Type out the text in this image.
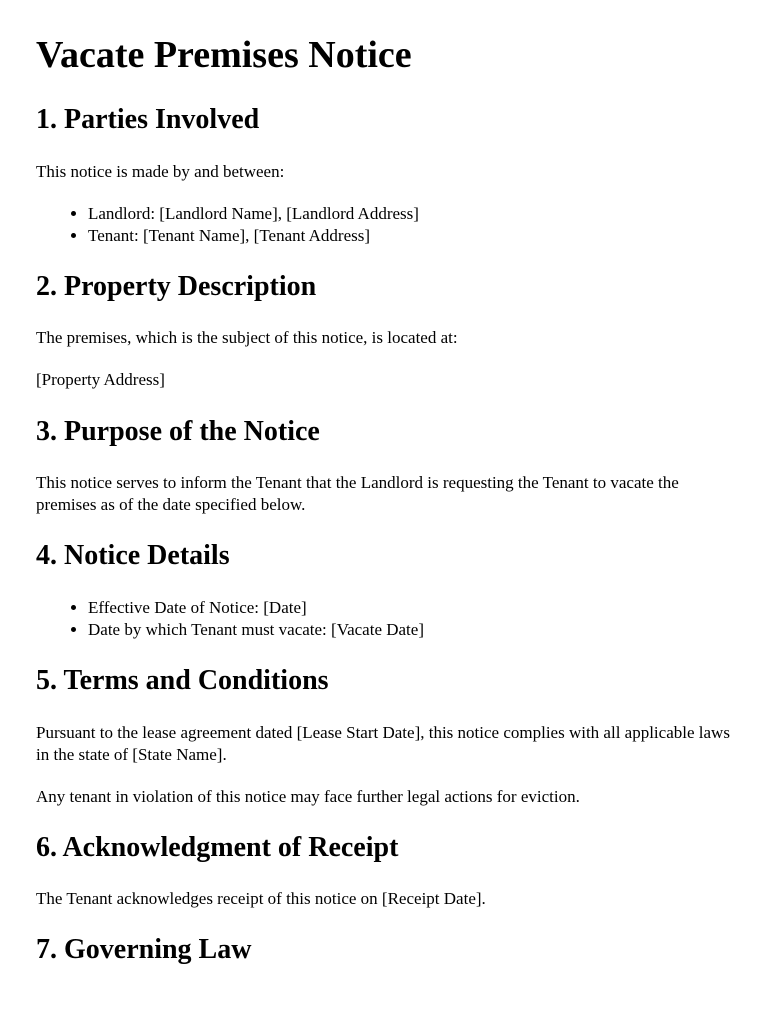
Vacate Premises Notice
1. Parties Involved

This notice is made by and between:

• Landlord: [Landlord Name], [Landlord Address]
• Tenant: [Tenant Name], [Tenant Address]
2. Property Description

The premises, which is the subject of this notice, is located at:

[Property Address]

3. Purpose of the Notice

This notice serves to inform the Tenant that the Landlord is requesting the Tenant to vacate the premises as of the date specified below.

4. Notice Details
• Effective Date of Notice: [Date]
• Date by which Tenant must vacate: [Vacate Date]
5. Terms and Conditions

Pursuant to the lease agreement dated [Lease Start Date], this notice complies with all applicable laws in the state of [State Name].

Any tenant in violation of this notice may face further legal actions for eviction.

6. Acknowledgment of Receipt

The Tenant acknowledges receipt of this notice on [Receipt Date].

7. Governing Law
